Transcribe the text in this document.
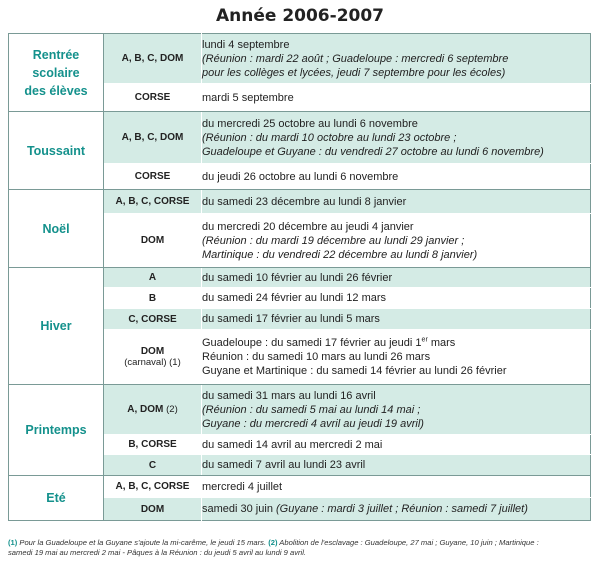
Année 2006-2007
Rentrée scolaire
des élèves	A, B, C, DOM	lundi 4 septembre
(Réunion : mardi 22 août ; Guadeloupe : mercredi 6 septembre
pour les collèges et lycées, jeudi 7 septembre pour les écoles)

	CORSE	mardi 5 septembre
Toussaint	A, B, C, DOM	du mercredi 25 octobre au lundi 6 novembre
(Réunion : du mardi 10 octobre au lundi 23 octobre ;
Guadeloupe et Guyane : du vendredi 27 octobre au lundi 6 novembre)

	CORSE	du jeudi 26 octobre au lundi 6 novembre
Noël	A, B, C, CORSE	du samedi 23 décembre au lundi 8 janvier
	DOM	du mercredi 20 décembre au jeudi 4 janvier
(Réunion : du mardi 19 décembre au lundi 29 janvier ;
Martinique : du vendredi 22 décembre au lundi 8 janvier)

Hiver	A	du samedi 10 février au lundi 26 février
	B	du samedi 24 février au lundi 12 mars
	C, CORSE	du samedi 17 février au lundi 5 mars

	DOM
(carnaval) (1)	Guadeloupe : du samedi 17 février au jeudi 1er mars
Réunion : du samedi 10 mars au lundi 26 mars
Guyane et Martinique : du samedi 14 février au lundi 26 février

Printemps	A, DOM (2)	du samedi 31 mars au lundi 16 avril
(Réunion : du samedi 5 mai au lundi 14 mai ;
Guyane : du mercredi 4 avril au jeudi 19 avril)

	B, CORSE	du samedi 14 avril au mercredi 2 mai
	C	du samedi 7 avril au lundi 23 avril
Eté	A, B, C, CORSE	mercredi 4 juillet
	DOM	samedi 30 juin (Guyane : mardi 3 juillet ; Réunion : samedi 7 juillet)
(1) Pour la Guadeloupe et la Guyane s'ajoute la mi-carême, le jeudi 15 mars. (2) Abolition de l'esclavage : Guadeloupe, 27 mai ; Guyane, 10 juin ; Martinique :
samedi 19 mai au mercredi 2 mai - Pâques à la Réunion : du jeudi 5 avril au lundi 9 avril.
